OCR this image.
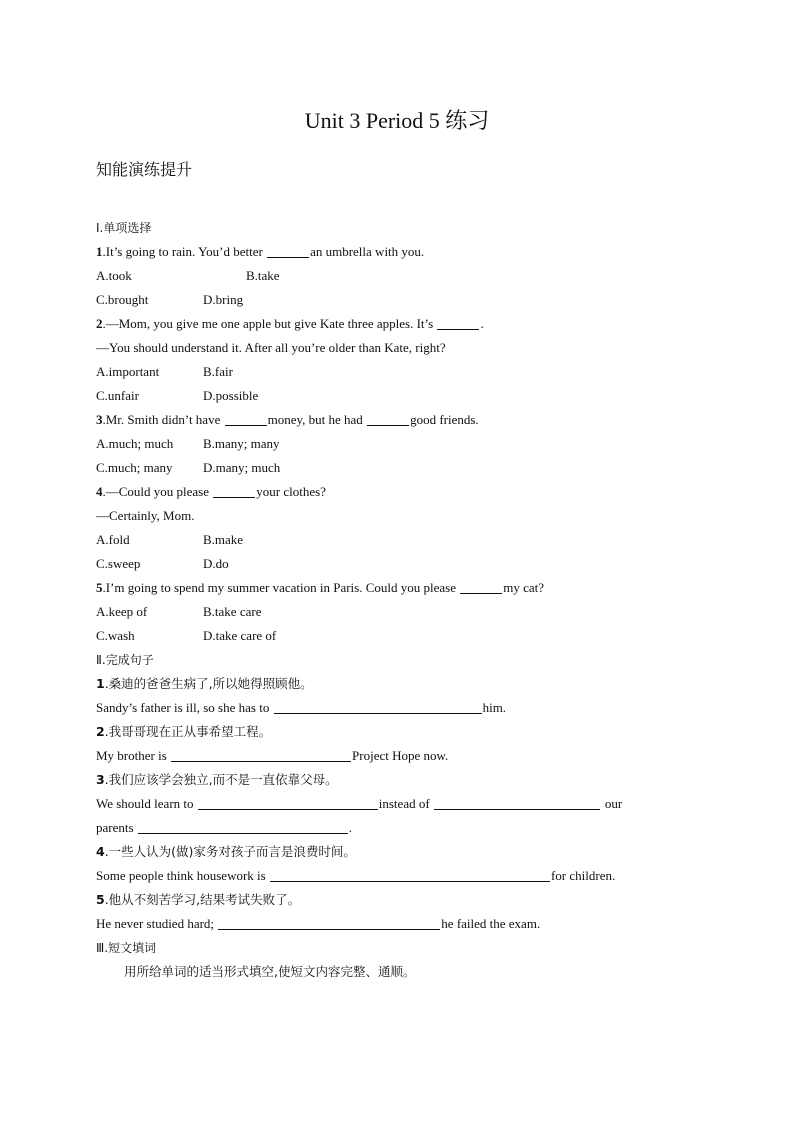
Unit 3 Period 5 练习
知能演练提升
Ⅰ.单项选择
1.It’s going to rain. You’d better	an umbrella with you.
A.took	B.take
C.brought	D.bring
2.—Mom, you give me one apple but give Kate three apples. It’s	.
—You should understand it. After all you’re older than Kate, right?
A.important	B.fair
C.unfair	D.possible
3.Mr. Smith didn’t have	money, but he had	good friends.
A.much; much B.many; many
C.much; many D.many; much
4.—Could you please	your clothes?
—Certainly, Mom.
A.fold	B.make
C.sweep	D.do
5.I’m going to spend my summer vacation in Paris. Could you please	my cat?
A.keep of	B.take care
C.wash	D.take care of
Ⅱ.完成句子
1.桑迪的爸爸生病了,所以她得照顾他。
Sandy’s father is ill, so she has to	him.
2.我哥哥现在正从事希望工程。
My brother is	Project Hope now.
3.我们应该学会独立,而不是一直依靠父母。
We should learn to	instead of	our
parents	.
4.一些人认为(做)家务对孩子而言是浪费时间。
Some people think housework is	for children.
5.他从不刻苦学习,结果考试失败了。
He never studied hard;	he failed the exam.
Ⅲ.短文填词
用所给单词的适当形式填空,使短文内容完整、通顺。
